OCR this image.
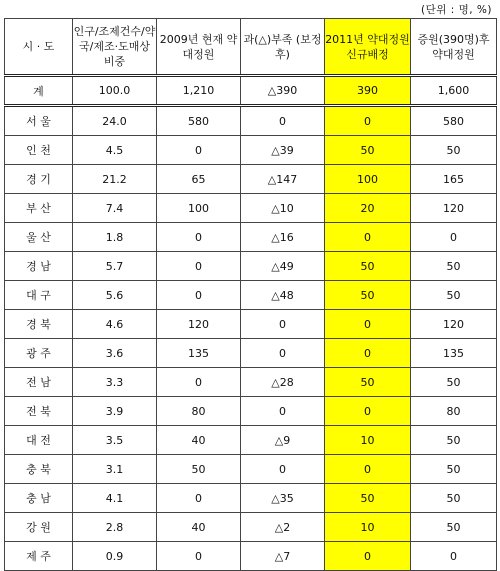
(단위 : 명, %)
시 · 도	인구/조제건수/약국/제조·도매상 비중	2009년 현재 약대정원	과(△)부족 (보정 후)	2011년 약대정원 신규배정	증원(390명)후 약대정원
계	100.0	1,210	△390	390	1,600
서 울	24.0	580	0	0	580
인 천	4.5	0	△39	50	50
경 기	21.2	65	△147	100	165
부 산	7.4	100	△10	20	120
울 산	1.8	0	△16	0	0
경 남	5.7	0	△49	50	50
대 구	5.6	0	△48	50	50
경 북	4.6	120	0	0	120
광 주	3.6	135	0	0	135
전 남	3.3	0	△28	50	50
전 북	3.9	80	0	0	80
대 전	3.5	40	△9	10	50
충 북	3.1	50	0	0	50
충 남	4.1	0	△35	50	50
강 원	2.8	40	△2	10	50
제 주	0.9	0	△7	0	0
